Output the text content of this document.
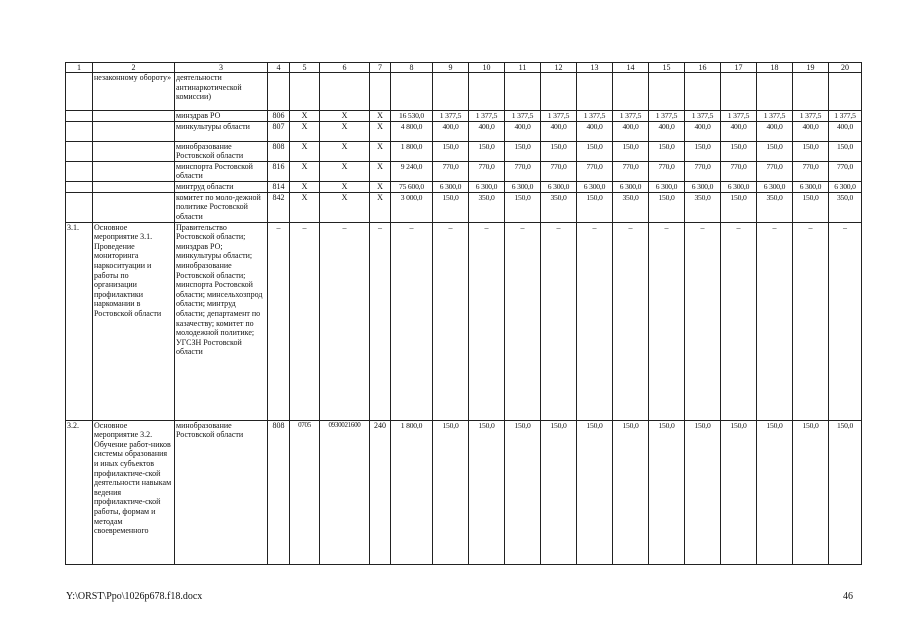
1	2	3	4	5	6	7	8	9	10	11	12	13	14	15	16	17	18	19	20
	незаконному обороту»	деятельности антинаркотической комиссии)																	
		минздрав РО	806	Х	Х	Х	16 530,0	1 377,5	1 377,5	1 377,5	1 377,5	1 377,5	1 377,5	1 377,5	1 377,5	1 377,5	1 377,5	1 377,5	1 377,5
		минкультуры области	807	Х	Х	Х	4 800,0	400,0	400,0	400,0	400,0	400,0	400,0	400,0	400,0	400,0	400,0	400,0	400,0
		минобразование Ростовской области	808	Х	Х	Х	1 800,0	150,0	150,0	150,0	150,0	150,0	150,0	150,0	150,0	150,0	150,0	150,0	150,0
		минспорта Ростовской области	816	Х	Х	Х	9 240,0	770,0	770,0	770,0	770,0	770,0	770,0	770,0	770,0	770,0	770,0	770,0	770,0
		минтруд области	814	Х	Х	Х	75 600,0	6 300,0	6 300,0	6 300,0	6 300,0	6 300,0	6 300,0	6 300,0	6 300,0	6 300,0	6 300,0	6 300,0	6 300,0
		комитет по моло-дежной политике Ростовской области	842	Х	Х	Х	3 000,0	150,0	350,0	150,0	350,0	150,0	350,0	150,0	350,0	150,0	350,0	150,0	350,0
3.1.	Основное мероприятие 3.1. Проведение мониторинга наркоситуации и работы по организации профилактики наркомании в Ростовской области	Правительство Ростовской области; минздрав РО; минкультуры области; минобразование Ростовской области; минспорта Ростовской области; минсельхозпрод области; минтруд области; департамент по казачеству; комитет по молодежной политике; УГСЗН Ростовской области	–	–	–	–	–	–	–	–	–	–	–	–	–	–	–	–	–
3.2.	Основное мероприятие 3.2. Обучение работ-ников системы образования и иных субъектов профилактиче-ской деятельности навыкам ведения профилактиче-ской работы, формам и методам своевременного	минобразование Ростовской области	808	0705	0930021600	240	1 800,0	150,0	150,0	150,0	150,0	150,0	150,0	150,0	150,0	150,0	150,0	150,0	150,0
Y:\ORST\Ppo\1026p678.f18.docx	46
